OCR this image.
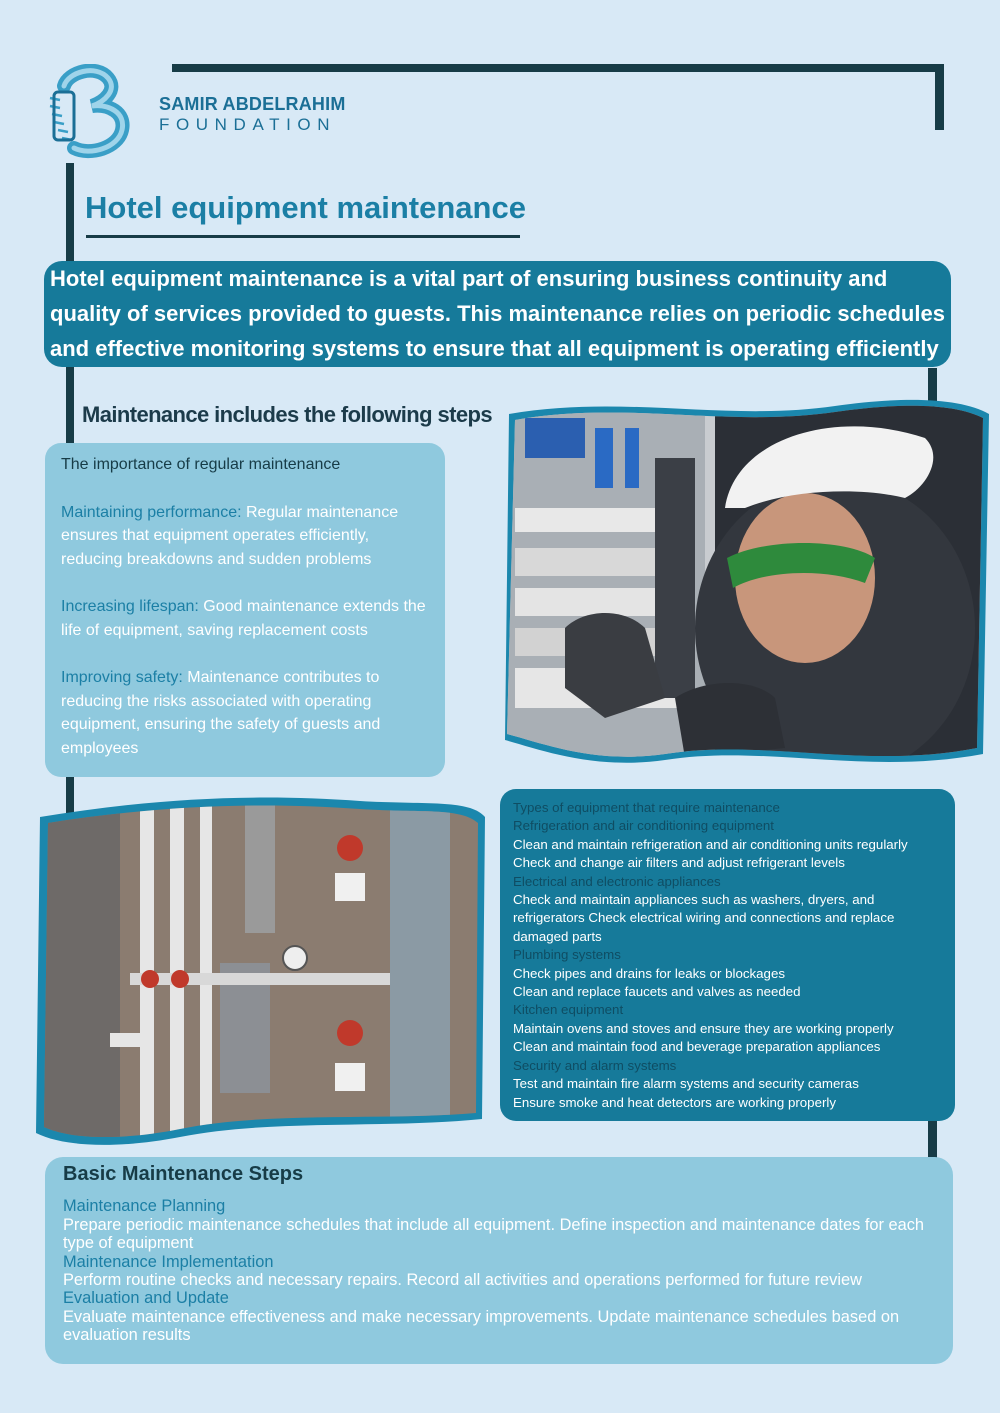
SAMIR ABDELRAHIM
FOUNDATION
Hotel equipment maintenance

Hotel equipment maintenance is a vital part of ensuring business continuity and

quality of services provided to guests. This maintenance relies on periodic schedules

and effective monitoring systems to ensure that all equipment is operating efficiently

Maintenance includes the following steps
The importance of regular maintenance
Maintaining performance: Regular maintenance ensures that equipment operates efficiently, reducing breakdowns and sudden problems
Increasing lifespan: Good maintenance extends the life of equipment, saving replacement costs
Improving safety: Maintenance contributes to reducing the risks associated with operating equipment, ensuring the safety of guests and employees
Types of equipment that require maintenance
Refrigeration and air conditioning equipment
Clean and maintain refrigeration and air conditioning units regularly
Check and change air filters and adjust refrigerant levels
Electrical and electronic appliances
Check and maintain appliances such as washers, dryers, and
refrigerators Check electrical wiring and connections and replace
damaged parts
Plumbing systems
Check pipes and drains for leaks or blockages
Clean and replace faucets and valves as needed
Kitchen equipment
Maintain ovens and stoves and ensure they are working properly
Clean and maintain food and beverage preparation appliances
Security and alarm systems
Test and maintain fire alarm systems and security cameras
Ensure smoke and heat detectors are working properly
Basic Maintenance Steps
Maintenance Planning
Prepare periodic maintenance schedules that include all equipment. Define inspection and maintenance dates for each
type of equipment
Maintenance Implementation
Perform routine checks and necessary repairs. Record all activities and operations performed for future review
Evaluation and Update
Evaluate maintenance effectiveness and make necessary improvements. Update maintenance schedules based on
evaluation results
